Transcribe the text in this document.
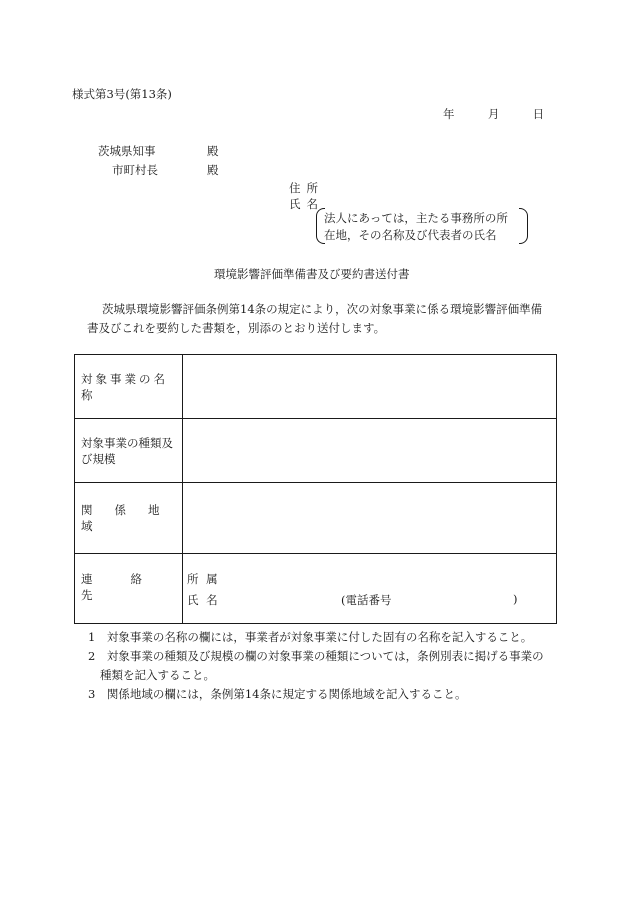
様式第3号(第13条)
年	月	日
茨城県知事	殿
市町村長	殿
住所
氏名
法人にあっては，主たる事務所の所
在地，その名称及び代表者の氏名
環境影響評価準備書及び要約書送付書
茨城県環境影響評価条例第14条の規定により，次の対象事業に係る環境影響評価準備
書及びこれを要約した書類を，別添のとおり送付します。
対象事業の名称	

対象事業の種類及
び規模	

関係地域	

連絡先	所 属
氏 名 (電話番号 )
1　対象事業の名称の欄には，事業者が対象事業に付した固有の名称を記入すること。
2　対象事業の種類及び規模の欄の対象事業の種類については，条例別表に掲げる事業の
種類を記入すること。
3　関係地域の欄には，条例第14条に規定する関係地域を記入すること。
